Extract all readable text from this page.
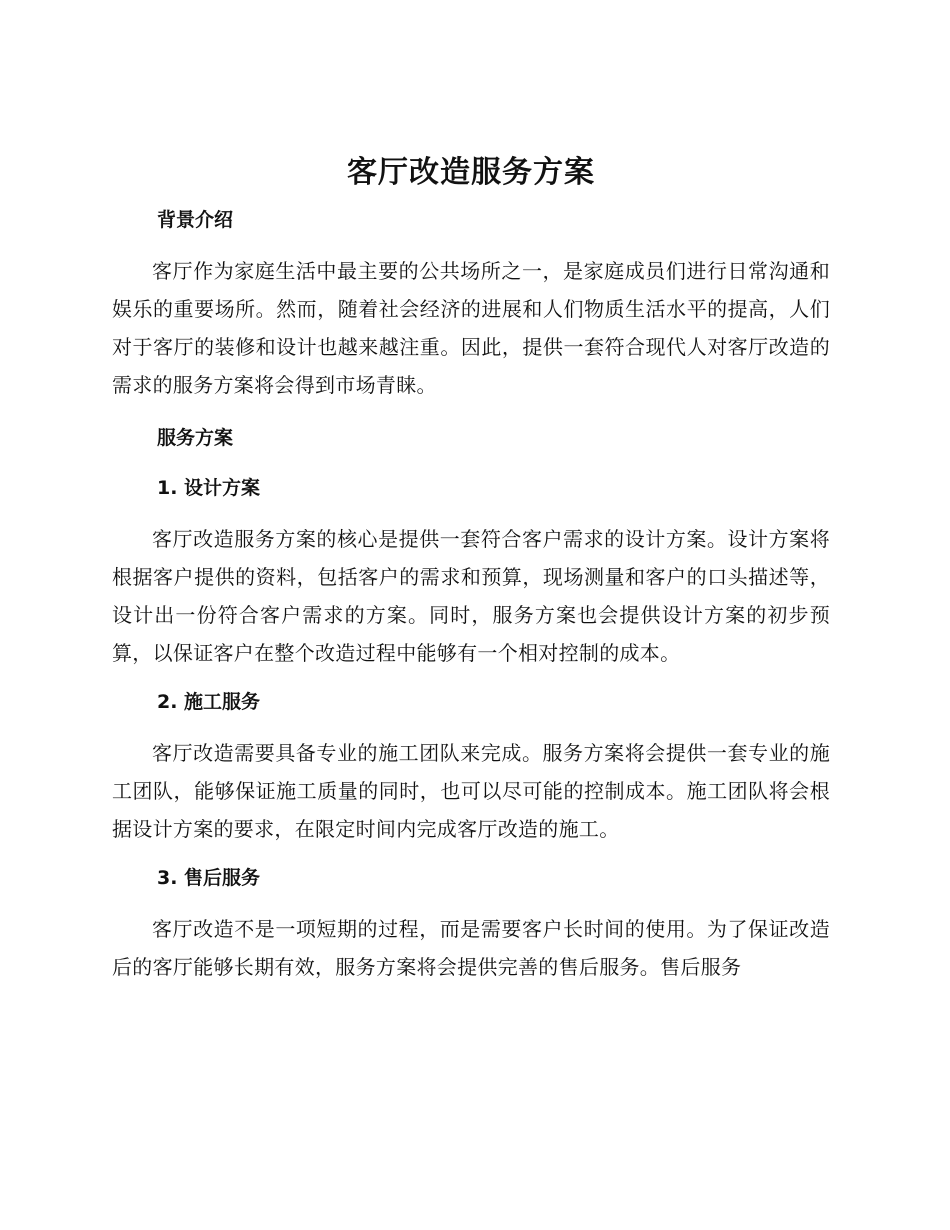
客厅改造服务方案
背景介绍

客厅作为家庭生活中最主要的公共场所之一，是家庭成员们进行日常沟通和娱乐的重要场所。然而，随着社会经济的进展和人们物质生活水平的提高，人们对于客厅的装修和设计也越来越注重。因此，提供一套符合现代人对客厅改造的需求的服务方案将会得到市场青睐。

服务方案
1. 设计方案

客厅改造服务方案的核心是提供一套符合客户需求的设计方案。设计方案将根据客户提供的资料，包括客户的需求和预算，现场测量和客户的口头描述等，设计出一份符合客户需求的方案。同时，服务方案也会提供设计方案的初步预算，以保证客户在整个改造过程中能够有一个相对控制的成本。

2. 施工服务

客厅改造需要具备专业的施工团队来完成。服务方案将会提供一套专业的施工团队，能够保证施工质量的同时，也可以尽可能的控制成本。施工团队将会根据设计方案的要求，在限定时间内完成客厅改造的施工。

3. 售后服务

客厅改造不是一项短期的过程，而是需要客户长时间的使用。为了保证改造后的客厅能够长期有效，服务方案将会提供完善的售后服务。售后服务
